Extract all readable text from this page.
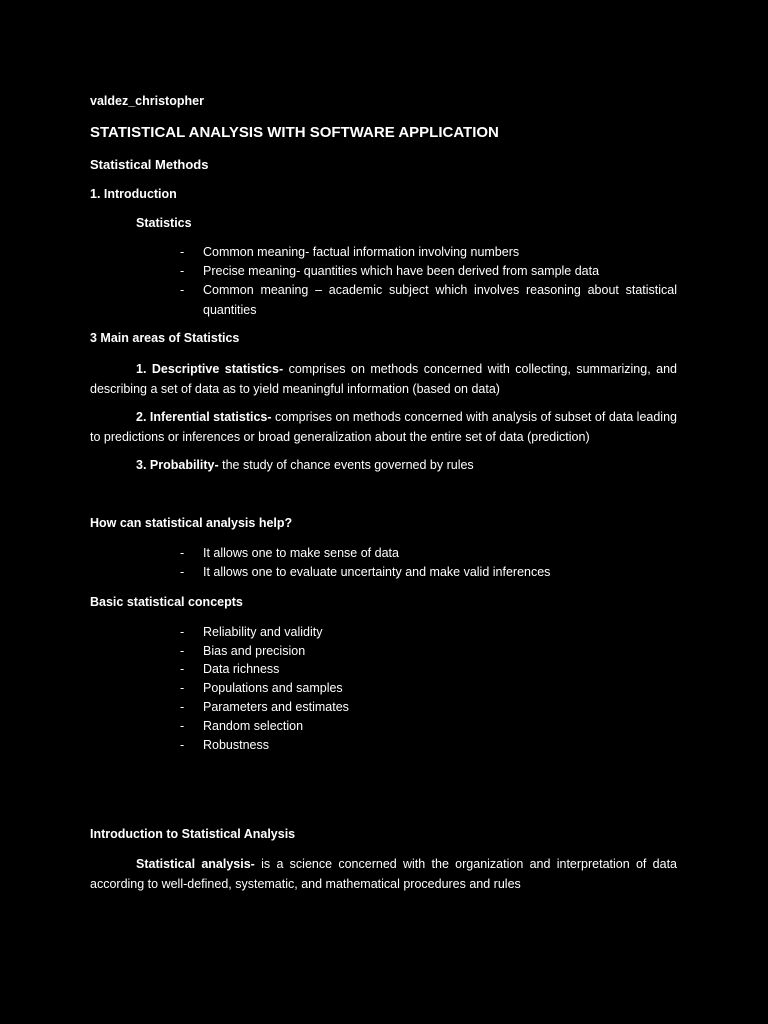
valdez_christopher
STATISTICAL ANALYSIS WITH SOFTWARE APPLICATION
Statistical Methods
1. Introduction
Statistics
- Common meaning- factual information involving numbers
- Precise meaning- quantities which have been derived from sample data
- Common meaning – academic subject which involves reasoning about statistical quantities
3 Main areas of Statistics
1. Descriptive statistics- comprises on methods concerned with collecting, summarizing, and describing a set of data as to yield meaningful information (based on data)
2. Inferential statistics- comprises on methods concerned with analysis of subset of data leading to predictions or inferences or broad generalization about the entire set of data (prediction)
3. Probability- the study of chance events governed by rules
How can statistical analysis help?
- It allows one to make sense of data
- It allows one to evaluate uncertainty and make valid inferences
Basic statistical concepts
- Reliability and validity
- Bias and precision
- Data richness
- Populations and samples
- Parameters and estimates
- Random selection
- Robustness
Introduction to Statistical Analysis
Statistical analysis- is a science concerned with the organization and interpretation of data according to well-defined, systematic, and mathematical procedures and rules
